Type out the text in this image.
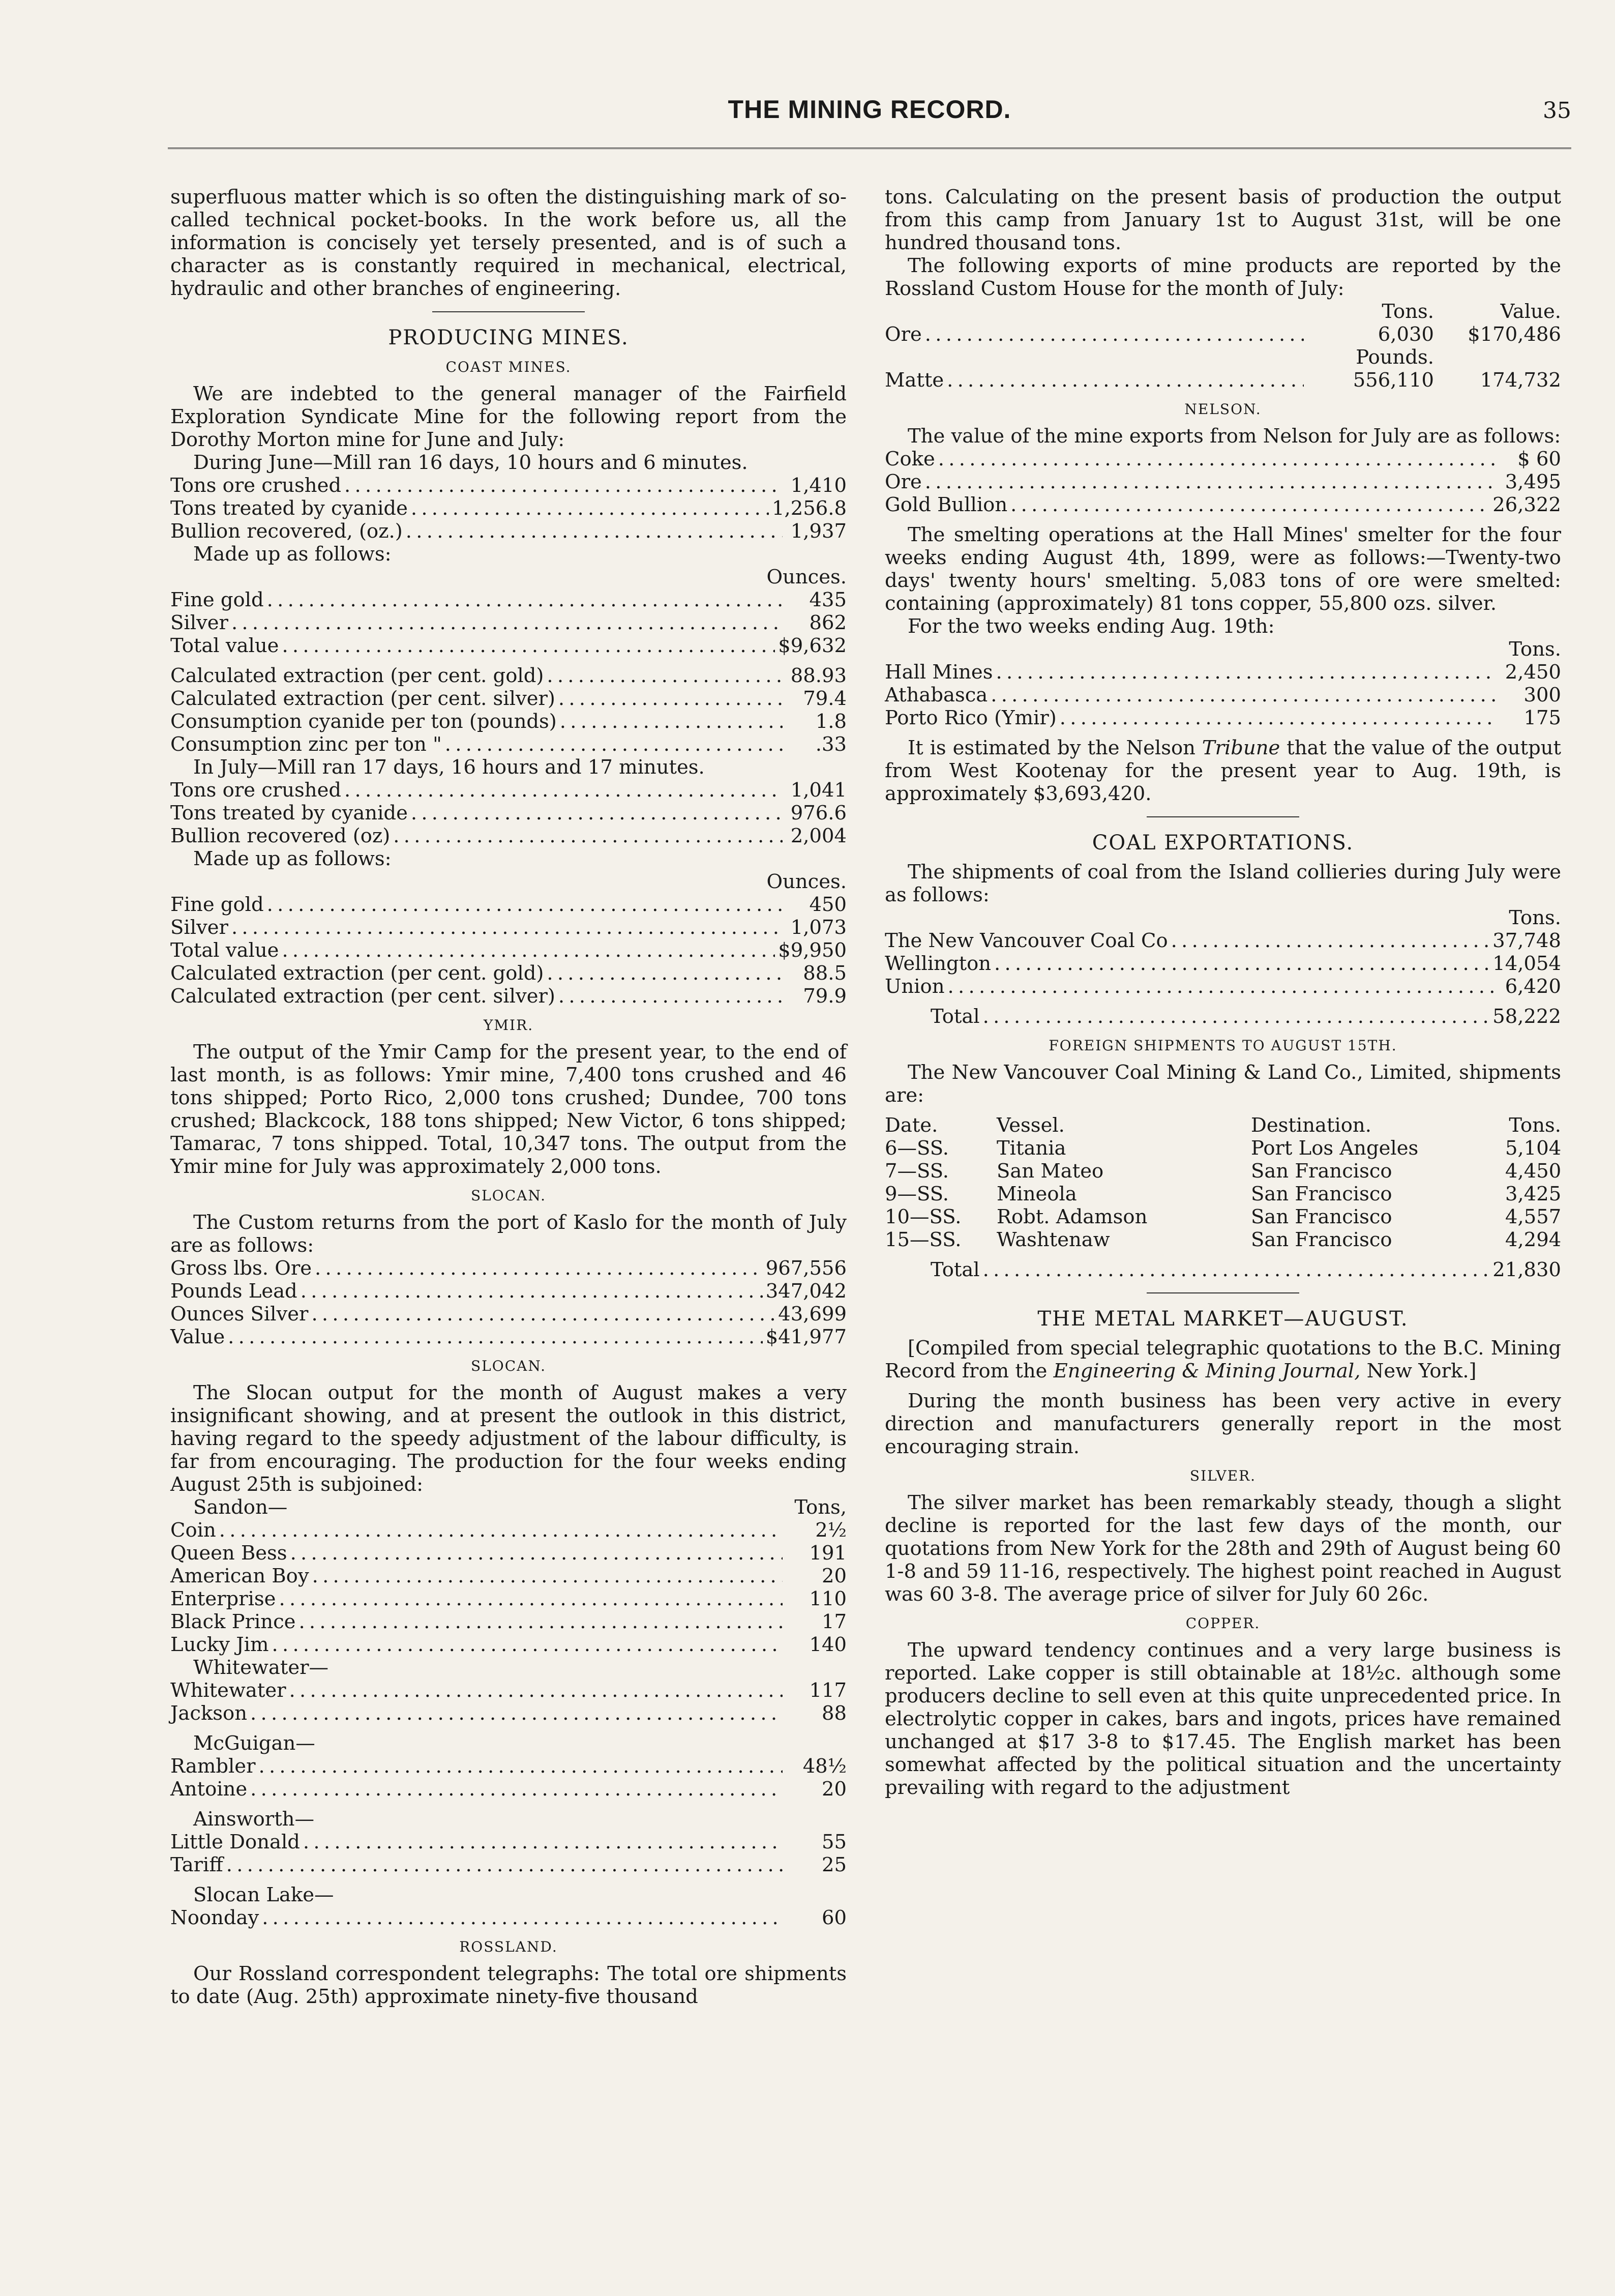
THE MINING RECORD.	35

superfluous matter which is so often the distinguishing mark of so-called technical pocket-books. In the work before us, all the information is concisely yet tersely presented, and is of such a character as is constantly required in mechanical, electrical, hydraulic and other branches of engineering.

PRODUCING MINES.
COAST MINES.

We are indebted to the general manager of the Fairfield Exploration Syndicate Mine for the following report from the Dorothy Morton mine for June and July:

During June—Mill ran 16 days, 10 hours and 6 minutes.

Tons ore crushed . . .	1,410
Tons treated by cyanide . . .	1,256.8
Bullion recovered, (oz.) . . .	1,937
Made up as follows:
Ounces.
Fine gold . . .	435
Silver . . .	862
Total value . . .	$9,632
Calculated extraction (per cent. gold) . . .	88.93
Calculated extraction (per cent. silver) . . .	79.4
Consumption cyanide per ton (pounds) . . .	1.8
Consumption zinc per ton " . . .	.33
In July—Mill ran 17 days, 16 hours and 17 minutes.
Tons ore crushed . . .	1,041
Tons treated by cyanide . . .	976.6
Bullion recovered (oz) . . .	2,004
Made up as follows:
Ounces.
Fine gold . . .	450
Silver . . .	1,073
Total value . . .	$9,950
Calculated extraction (per cent. gold) . . .	88.5
Calculated extraction (per cent. silver) . . .	79.9
YMIR.

The output of the Ymir Camp for the present year, to the end of last month, is as follows: Ymir mine, 7,400 tons crushed and 46 tons shipped; Porto Rico, 2,000 tons crushed; Dundee, 700 tons crushed; Blackcock, 188 tons shipped; New Victor, 6 tons shipped; Tamarac, 7 tons shipped. Total, 10,347 tons. The output from the Ymir mine for July was approximately 2,000 tons.

SLOCAN.

The Custom returns from the port of Kaslo for the month of July are as follows:

Gross lbs. Ore . . .	967,556
Pounds Lead . . .	347,042
Ounces Silver . . .	43,699
Value . . .	$41,977
SLOCAN.

The Slocan output for the month of August makes a very insignificant showing, and at present the outlook in this district, having regard to the speedy adjustment of the labour difficulty, is far from encouraging. The production for the four weeks ending August 25th is subjoined:

Sandon—	Tons,
Coin . . .	2½
Queen Bess . . .	191
American Boy . . .	20
Enterprise . . .	110
Black Prince . . .	17
Lucky Jim . . .	140
Whitewater—
Whitewater . . .	117
Jackson . . .	88
McGuigan—
Rambler . . .	48½
Antoine . . .	20
Ainsworth—
Little Donald . . .	55
Tariff . . .	25
Slocan Lake—
Noonday . . .	60
ROSSLAND.

Our Rossland correspondent telegraphs: The total ore shipments to date (Aug. 25th) approximate ninety-five thousand

tons. Calculating on the present basis of production the output from this camp from January 1st to August 31st, will be one hundred thousand tons.

The following exports of mine products are reported by the Rossland Custom House for the month of July:

Tons.	Value.
Ore . . .	6,030	$170,486
Pounds.
Matte . . .	556,110	174,732
NELSON.

The value of the mine exports from Nelson for July are as follows:

Coke . . .	$ 60
Ore . . .	3,495
Gold Bullion . . .	26,322

The smelting operations at the Hall Mines' smelter for the four weeks ending August 4th, 1899, were as follows:—Twenty-two days' twenty hours' smelting. 5,083 tons of ore were smelted: containing (approximately) 81 tons copper, 55,800 ozs. silver.

For the two weeks ending Aug. 19th:

Tons.
Hall Mines . . .	2,450
Athabasca . . .	300
Porto Rico (Ymir) . . .	175

It is estimated by the Nelson Tribune that the value of the output from West Kootenay for the present year to Aug. 19th, is approximately $3,693,420.

COAL EXPORTATIONS.

The shipments of coal from the Island collieries during July were as follows:

Tons.
The New Vancouver Coal Co . . .	37,748
Wellington . . .	14,054
Union . . .	6,420
Total . . .	58,222
FOREIGN SHIPMENTS TO AUGUST 15TH.

The New Vancouver Coal Mining & Land Co., Limited, shipments are:

Date.	Vessel.	Destination.	Tons.
6—SS.	Titania	Port Los Angeles	5,104
7—SS.	San Mateo	San Francisco	4,450
9—SS.	Mineola	San Francisco	3,425
10—SS.	Robt. Adamson	San Francisco	4,557
15—SS.	Washtenaw	San Francisco	4,294
Total . . .	21,830
THE METAL MARKET—AUGUST.

[Compiled from special telegraphic quotations to the B.C. Mining Record from the Engineering & Mining Journal, New York.]

During the month business has been very active in every direction and manufacturers generally report in the most encouraging strain.

SILVER.

The silver market has been remarkably steady, though a slight decline is reported for the last few days of the month, our quotations from New York for the 28th and 29th of August being 60 1-8 and 59 11-16, respectively. The highest point reached in August was 60 3-8. The average price of silver for July 60 26c.

COPPER.

The upward tendency continues and a very large business is reported. Lake copper is still obtainable at 18½c. although some producers decline to sell even at this quite unprecedented price. In electrolytic copper in cakes, bars and ingots, prices have remained unchanged at $17 3-8 to $17.45. The English market has been somewhat affected by the political situation and the uncertainty prevailing with regard to the adjustment
